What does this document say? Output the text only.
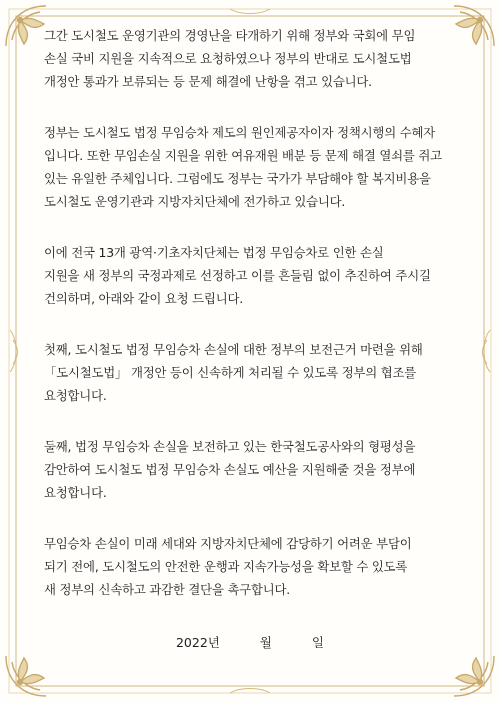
그간 도시철도 운영기관의 경영난을 타개하기 위해 정부와 국회에 무임
손실 국비 지원을 지속적으로 요청하였으나 정부의 반대로 도시철도법
개정안 통과가 보류되는 등 문제 해결에 난항을 겪고 있습니다.

정부는 도시철도 법정 무임승차 제도의 원인제공자이자 정책시행의 수혜자
입니다. 또한 무임손실 지원을 위한 여유재원 배분 등 문제 해결 열쇠를 쥐고
있는 유일한 주체입니다. 그럼에도 정부는 국가가 부담해야 할 복지비용을
도시철도 운영기관과 지방자치단체에 전가하고 있습니다.

이에 전국 13개 광역·기초자치단체는 법정 무임승차로 인한 손실
지원을 새 정부의 국정과제로 선정하고 이를 흔들림 없이 추진하여 주시길
건의하며, 아래와 같이 요청 드립니다.

첫째, 도시철도 법정 무임승차 손실에 대한 정부의 보전근거 마련을 위해
「도시철도법」 개정안 등이 신속하게 처리될 수 있도록 정부의 협조를
요청합니다.

둘째, 법정 무임승차 손실을 보전하고 있는 한국철도공사와의 형평성을
감안하여 도시철도 법정 무임승차 손실도 예산을 지원해줄 것을 정부에
요청합니다.

무임승차 손실이 미래 세대와 지방자치단체에 감당하기 어려운 부담이
되기 전에, 도시철도의 안전한 운행과 지속가능성을 확보할 수 있도록
새 정부의 신속하고 과감한 결단을 촉구합니다.

2022년	월	일
